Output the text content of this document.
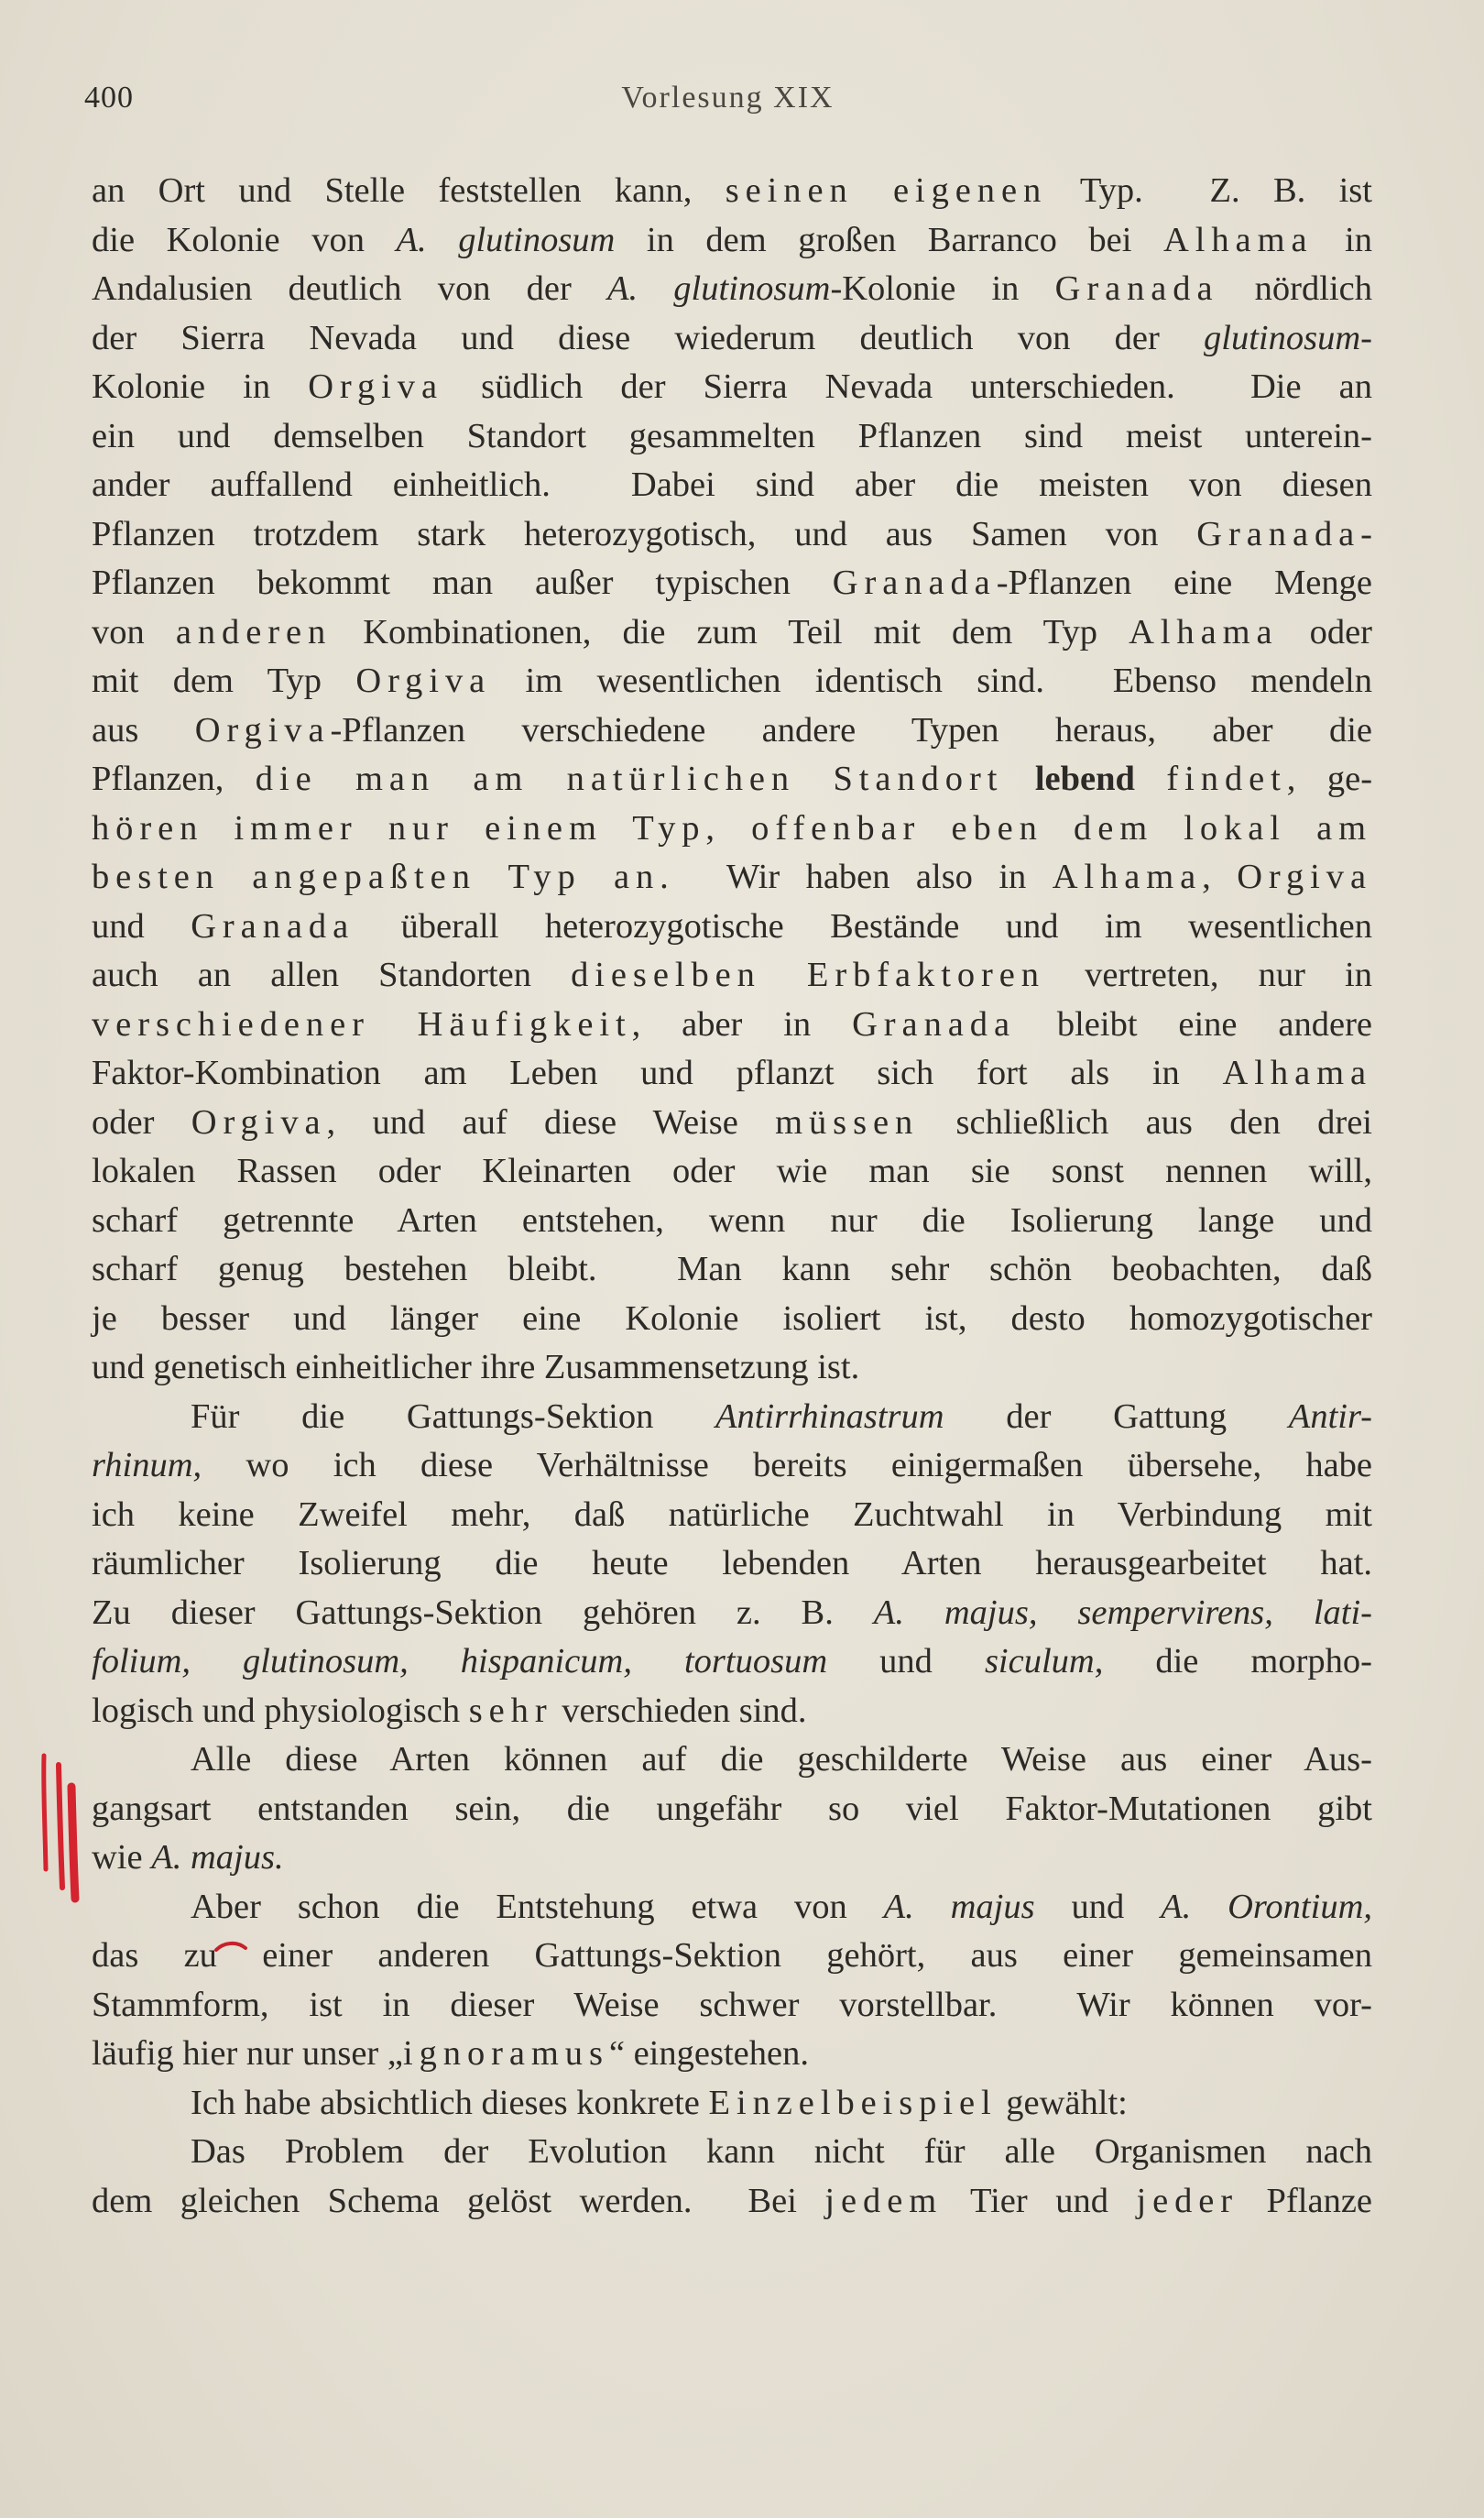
400	Vorlesung XIX
an Ort und Stelle feststellen kann, seinen eigenen Typ.  Z. B. ist
die Kolonie von A. glutinosum in dem großen Barranco bei Alhama in
Andalusien deutlich von der A. glutinosum-Kolonie in Granada nördlich
der Sierra Nevada und diese wiederum deutlich von der glutinosum-
Kolonie in Orgiva südlich der Sierra Nevada unterschieden.  Die an
ein und demselben Standort gesammelten Pflanzen sind meist unterein-
ander auffallend einheitlich.  Dabei sind aber die meisten von diesen
Pflanzen trotzdem stark heterozygotisch, und aus Samen von Granada-
Pflanzen bekommt man außer typischen Granada-Pflanzen eine Menge
von anderen Kombinationen, die zum Teil mit dem Typ Alhama oder
mit dem Typ Orgiva im wesentlichen identisch sind.  Ebenso mendeln
aus Orgiva-Pflanzen verschiedene andere Typen heraus, aber die
Pflanzen, die man am natürlichen Standort lebend findet, ge-
hören immer nur einem Typ, offenbar eben dem lokal am
besten angepaßten Typ an.  Wir haben also in Alhama, Orgiva
und Granada überall heterozygotische Bestände und im wesentlichen
auch an allen Standorten dieselben Erbfaktoren vertreten, nur in
verschiedener Häufigkeit, aber in Granada bleibt eine andere
Faktor-Kombination am Leben und pflanzt sich fort als in Alhama
oder Orgiva, und auf diese Weise müssen schließlich aus den drei
lokalen Rassen oder Kleinarten oder wie man sie sonst nennen will,
scharf getrennte Arten entstehen, wenn nur die Isolierung lange und
scharf genug bestehen bleibt.  Man kann sehr schön beobachten, daß
je besser und länger eine Kolonie isoliert ist, desto homozygotischer
und genetisch einheitlicher ihre Zusammensetzung ist.
Für die Gattungs-Sektion Antirrhinastrum der Gattung Antir-
rhinum, wo ich diese Verhältnisse bereits einigermaßen übersehe, habe
ich keine Zweifel mehr, daß natürliche Zuchtwahl in Verbindung mit
räumlicher Isolierung die heute lebenden Arten herausgearbeitet hat.
Zu dieser Gattungs-Sektion gehören z. B. A. majus, sempervirens, lati-
folium, glutinosum, hispanicum, tortuosum und siculum, die morpho-
logisch und physiologisch sehr verschieden sind.
Alle diese Arten können auf die geschilderte Weise aus einer Aus-
gangsart entstanden sein, die ungefähr so viel Faktor-Mutationen gibt
wie A. majus.
Aber schon die Entstehung etwa von A. majus und A. Orontium,
das zu einer anderen Gattungs-Sektion gehört, aus einer gemeinsamen
Stammform, ist in dieser Weise schwer vorstellbar.  Wir können vor-
läufig hier nur unser „ignoramus“ eingestehen.
Ich habe absichtlich dieses konkrete Einzelbeispiel gewählt:
Das Problem der Evolution kann nicht für alle Organismen nach
dem gleichen Schema gelöst werden.  Bei jedem Tier und jeder Pflanze
